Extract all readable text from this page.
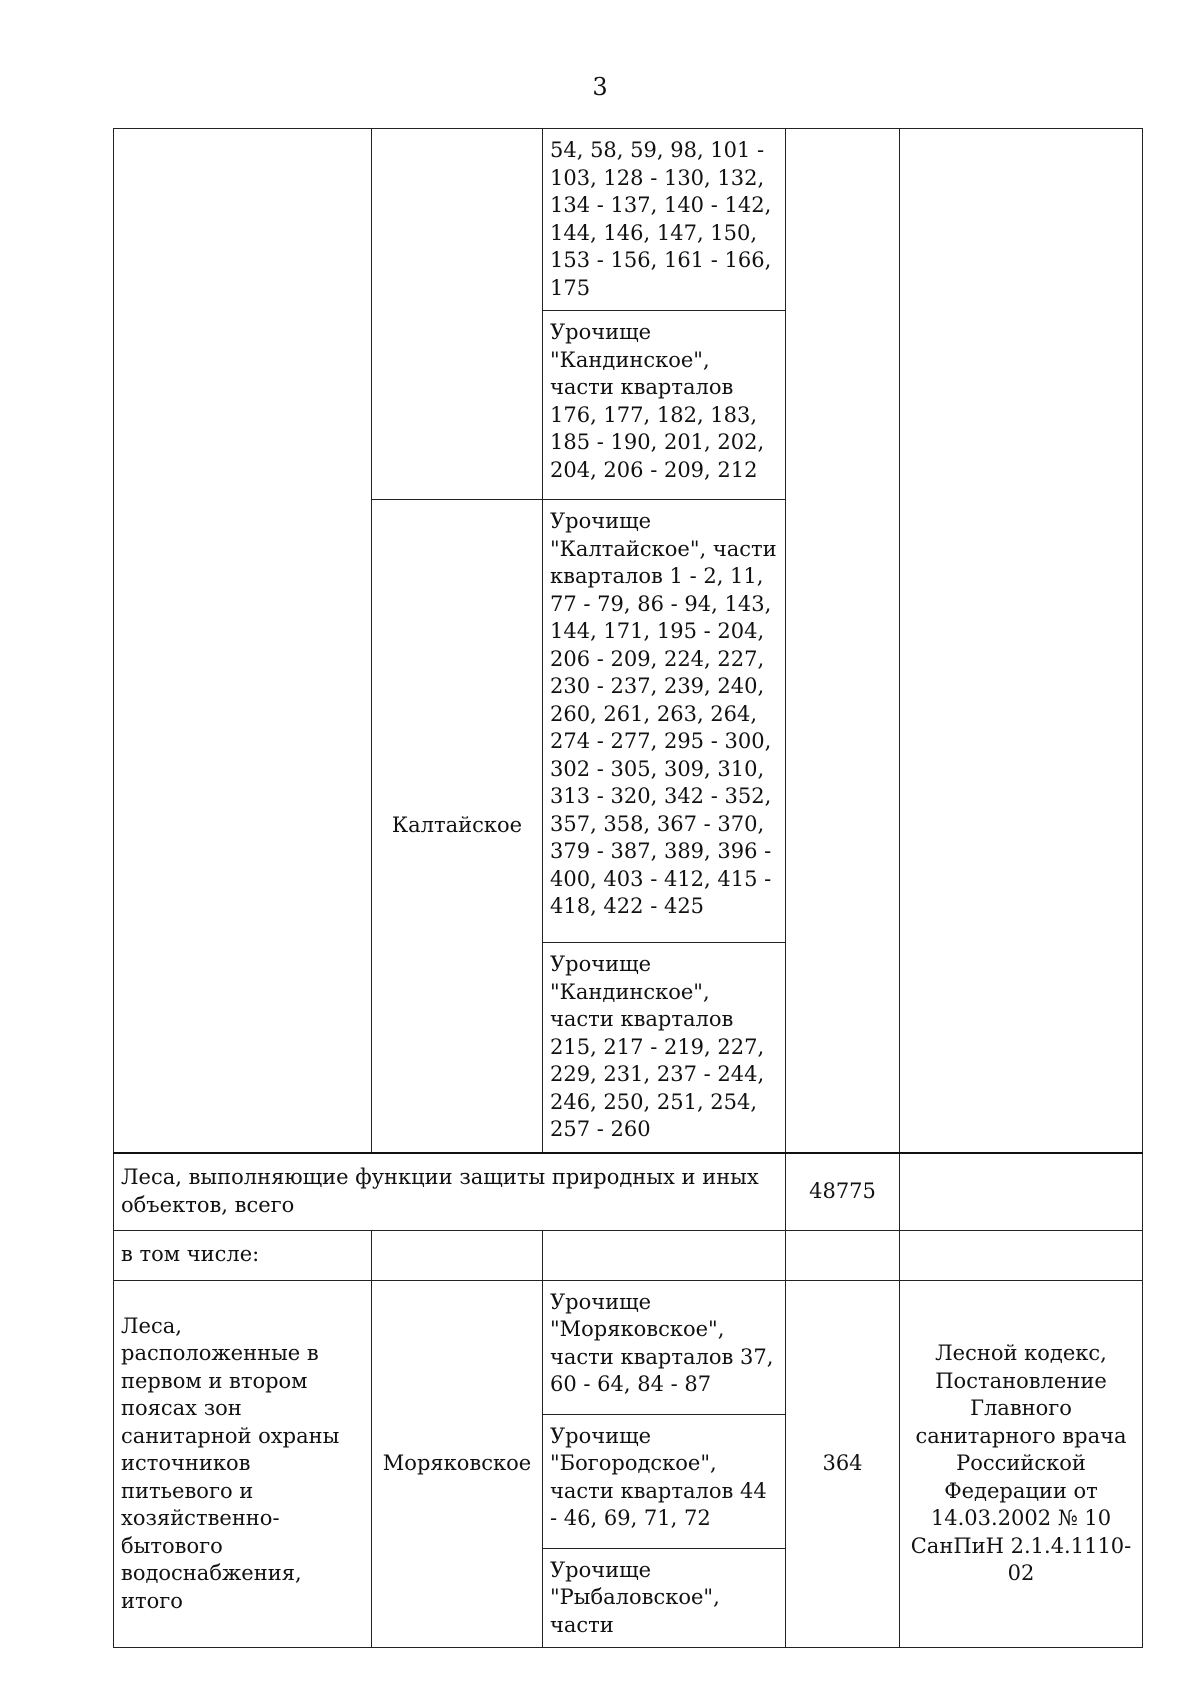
3
		54, 58, 59, 98, 101 - 103, 128 - 130, 132, 134 - 137, 140 - 142, 144, 146, 147, 150, 153 - 156, 161 - 166, 175		
		Урочище "Кандинское", части кварталов 176, 177, 182, 183, 185 - 190, 201, 202, 204, 206 - 209, 212		
	Калтайское	Урочище "Калтайское", части кварталов 1 - 2, 11, 77 - 79, 86 - 94, 143, 144, 171, 195 - 204, 206 - 209, 224, 227, 230 - 237, 239, 240, 260, 261, 263, 264, 274 - 277, 295 - 300, 302 - 305, 309, 310, 313 - 320, 342 - 352, 357, 358, 367 - 370, 379 - 387, 389, 396 - 400, 403 - 412, 415 - 418, 422 - 425		
		Урочище "Кандинское", части кварталов 215, 217 - 219, 227, 229, 231, 237 - 244, 246, 250, 251, 254, 257 - 260		
Леса, выполняющие функции защиты природных и иных объектов, всего			48775	
в том числе:				
Леса, расположенные в первом и втором поясах зон санитарной охраны источников питьевого и хозяйственно-бытового водоснабжения, итого	Моряковское	Урочище "Моряковское", части кварталов 37, 60 - 64, 84 - 87	364	Лесной кодекс, Постановление Главного санитарного врача Российской Федерации от 14.03.2002 № 10 СанПиН 2.1.4.1110-02
		Урочище "Богородское", части кварталов 44 - 46, 69, 71, 72		
		Урочище "Рыбаловское", части		
